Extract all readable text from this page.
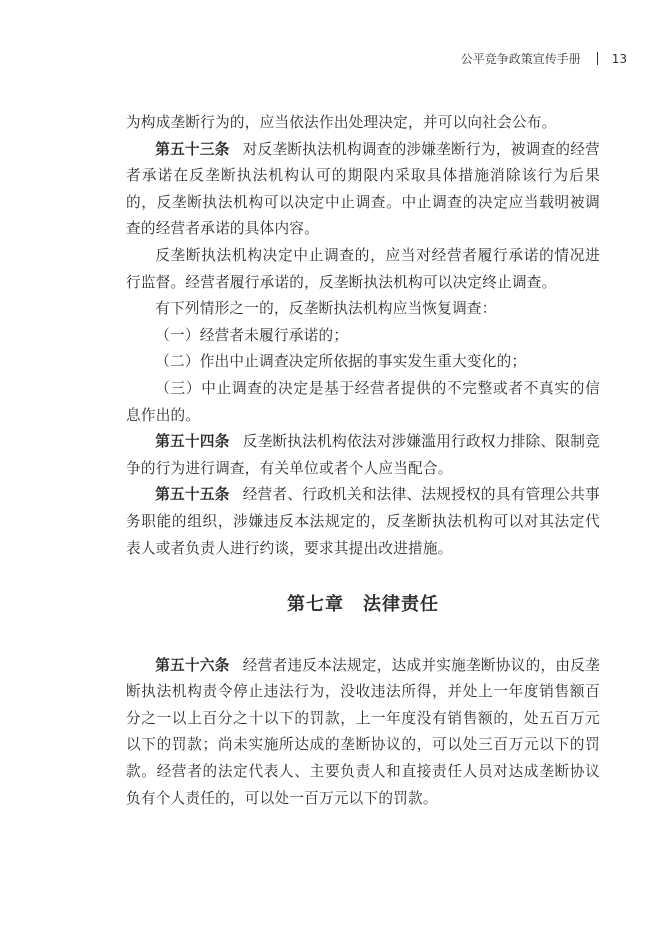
公平竞争政策宣传手册	13

为构成垄断行为的，应当依法作出处理决定，并可以向社会公布。

第五十三条 对反垄断执法机构调查的涉嫌垄断行为，被调查的经营者承诺在反垄断执法机构认可的期限内采取具体措施消除该行为后果的，反垄断执法机构可以决定中止调查。中止调查的决定应当载明被调查的经营者承诺的具体内容。

反垄断执法机构决定中止调查的，应当对经营者履行承诺的情况进行监督。经营者履行承诺的，反垄断执法机构可以决定终止调查。

有下列情形之一的，反垄断执法机构应当恢复调查：

（一）经营者未履行承诺的；

（二）作出中止调查决定所依据的事实发生重大变化的；

（三）中止调查的决定是基于经营者提供的不完整或者不真实的信息作出的。

第五十四条 反垄断执法机构依法对涉嫌滥用行政权力排除、限制竞争的行为进行调查，有关单位或者个人应当配合。

第五十五条 经营者、行政机关和法律、法规授权的具有管理公共事务职能的组织，涉嫌违反本法规定的，反垄断执法机构可以对其法定代表人或者负责人进行约谈，要求其提出改进措施。

第七章　法律责任

第五十六条 经营者违反本法规定，达成并实施垄断协议的，由反垄断执法机构责令停止违法行为，没收违法所得，并处上一年度销售额百分之一以上百分之十以下的罚款，上一年度没有销售额的，处五百万元以下的罚款；尚未实施所达成的垄断协议的，可以处三百万元以下的罚款。经营者的法定代表人、主要负责人和直接责任人员对达成垄断协议负有个人责任的，可以处一百万元以下的罚款。
